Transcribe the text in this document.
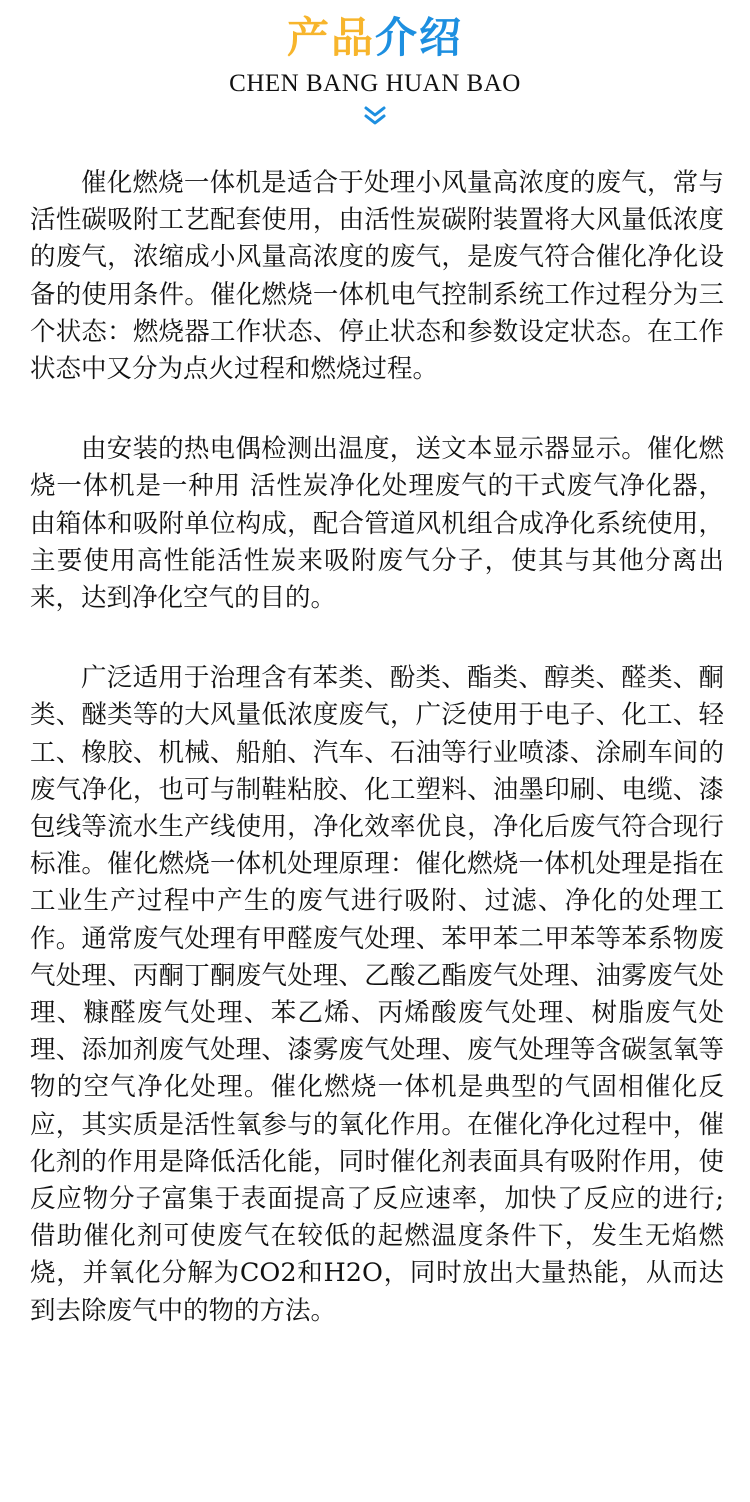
产品介绍
CHEN BANG HUAN BAO

催化燃烧一体机是适合于处理小风量高浓度的废气，常与活性碳吸附工艺配套使用，由活性炭碳附装置将大风量低浓度的废气，浓缩成小风量高浓度的废气，是废气符合催化净化设备的使用条件。催化燃烧一体机电气控制系统工作过程分为三个状态：燃烧器工作状态、停止状态和参数设定状态。在工作状态中又分为点火过程和燃烧过程。

由安装的热电偶检测出温度，送文本显示器显示。催化燃烧一体机是一种用 活性炭净化处理废气的干式废气净化器，由箱体和吸附单位构成，配合管道风机组合成净化系统使用，主要使用高性能活性炭来吸附废气分子，使其与其他分离出来，达到净化空气的目的。

广泛适用于治理含有苯类、酚类、酯类、醇类、醛类、酮类、醚类等的大风量低浓度废气，广泛使用于电子、化工、轻工、橡胶、机械、船舶、汽车、石油等行业喷漆、涂刷车间的废气净化，也可与制鞋粘胶、化工塑料、油墨印刷、电缆、漆包线等流水生产线使用，净化效率优良，净化后废气符合现行标准。催化燃烧一体机处理原理：催化燃烧一体机处理是指在工业生产过程中产生的废气进行吸附、过滤、净化的处理工作。通常废气处理有甲醛废气处理、苯甲苯二甲苯等苯系物废气处理、丙酮丁酮废气处理、乙酸乙酯废气处理、油雾废气处理、糠醛废气处理、苯乙烯、丙烯酸废气处理、树脂废气处理、添加剂废气处理、漆雾废气处理、废气处理等含碳氢氧等物的空气净化处理。催化燃烧一体机是典型的气固相催化反应，其实质是活性氧参与的氧化作用。在催化净化过程中，催化剂的作用是降低活化能，同时催化剂表面具有吸附作用，使反应物分子富集于表面提高了反应速率，加快了反应的进行;借助催化剂可使废气在较低的起燃温度条件下，发生无焰燃烧，并氧化分解为CO2和H2O，同时放出大量热能，从而达到去除废气中的物的方法。
